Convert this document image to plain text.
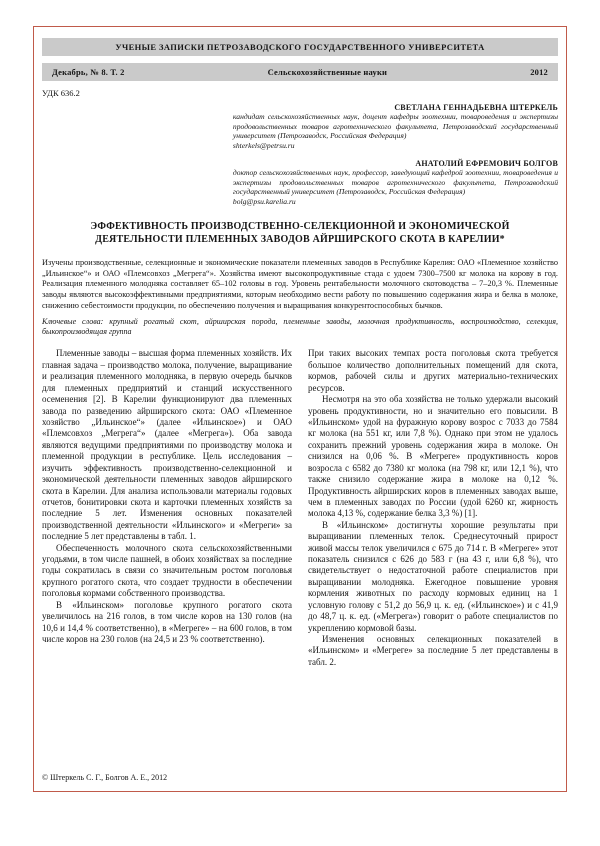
УЧЕНЫЕ ЗАПИСКИ ПЕТРОЗАВОДСКОГО ГОСУДАРСТВЕННОГО УНИВЕРСИТЕТА
Декабрь, № 8. Т. 2	Сельскохозяйственные науки	2012
УДК 636.2
СВЕТЛАНА ГЕННАДЬЕВНА ШТЕРКЕЛЬ
кандидат сельскохозяйственных наук, доцент кафедры зоотехнии, товароведения и экспертизы продовольственных товаров агротехнического факультета, Петрозаводский государственный университет (Петрозаводск, Российская Федерация)
shterkels@petrsu.ru
АНАТОЛИЙ ЕФРЕМОВИЧ БОЛГОВ
доктор сельскохозяйственных наук, профессор, заведующий кафедрой зоотехнии, товароведения и экспертизы продовольственных товаров агротехнического факультета, Петрозаводский государственный университет (Петрозаводск, Российская Федерация)
bolg@psu.karelia.ru
ЭФФЕКТИВНОСТЬ ПРОИЗВОДСТВЕННО-СЕЛЕКЦИОННОЙ И ЭКОНОМИЧЕСКОЙ ДЕЯТЕЛЬНОСТИ ПЛЕМЕННЫХ ЗАВОДОВ АЙРШИРСКОГО СКОТА В КАРЕЛИИ*

Изучены производственные, селекционные и экономические показатели племенных заводов в Республике Карелия: ОАО «Племенное хозяйство „Ильинское“» и ОАО «Племсовхоз „Мегрега“». Хозяйства имеют высокопродуктивные стада с удоем 7300–7500 кг молока на корову в год. Реализация племенного молодняка составляет 65–102 головы в год. Уровень рентабельности молочного скотоводства – 7–20,3 %. Племенные заводы являются высокоэффективными предприятиями, которым необходимо вести работу по повышению содержания жира и белка в молоке, снижению себестоимости продукции, по обеспечению получения и выращивания конкурентоспособных бычков.

Ключевые слова: крупный рогатый скот, айрширская порода, племенные заводы, молочная продуктивность, воспроизводство, селекция, быкопроизводящая группа

Племенные заводы – высшая форма племенных хозяйств. Их главная задача – производство молока, получение, выращивание и реализация племенного молодняка, в первую очередь бычков для племенных предприятий и станций искусственного осеменения [2]. В Карелии функционируют два племенных завода по разведению айрширского скота: ОАО «Племенное хозяйство „Ильинское“» (далее «Ильинское») и ОАО «Племсовхоз „Мегрега“» (далее «Мегрега»). Оба завода являются ведущими предприятиями по производству молока и племенной продукции в республике. Цель исследования – изучить эффективность производственно-селекционной и экономической деятельности племенных заводов айрширского скота в Карелии. Для анализа использовали материалы годовых отчетов, бонитировки скота и карточки племенных хозяйств за последние 5 лет. Изменения основных показателей производственной деятельности «Ильинского» и «Мегреги» за последние 5 лет представлены в табл. 1.

Обеспеченность молочного скота сельскохозяйственными угодьями, в том числе пашней, в обоих хозяйствах за последние годы сократилась в связи со значительным ростом поголовья крупного рогатого скота, что создает трудности в обеспечении поголовья кормами собственного производства.

В «Ильинском» поголовье крупного рогатого скота увеличилось на 216 голов, в том числе коров на 130 голов (на 10,6 и 14,4 % соответственно), в «Мегреге» – на 600 голов, в том числе коров на 230 голов (на 24,5 и 23 % соответственно).

При таких высоких темпах роста поголовья скота требуется большое количество дополнительных помещений для скота, кормов, рабочей силы и других материально-технических ресурсов.

Несмотря на это оба хозяйства не только удержали высокий уровень продуктивности, но и значительно его повысили. В «Ильинском» удой на фуражную корову возрос с 7033 до 7584 кг молока (на 551 кг, или 7,8 %). Однако при этом не удалось сохранить прежний уровень содержания жира в молоке. Он снизился на 0,06 %. В «Мегреге» продуктивность коров возросла с 6582 до 7380 кг молока (на 798 кг, или 12,1 %), что также снизило содержание жира в молоке на 0,12 %. Продуктивность айрширских коров в племенных заводах выше, чем в племенных заводах по России (удой 6260 кг, жирность молока 4,13 %, содержание белка 3,3 %) [1].

В «Ильинском» достигнуты хорошие результаты при выращивании племенных телок. Среднесуточный прирост живой массы телок увеличился с 675 до 714 г. В «Мегреге» этот показатель снизился с 626 до 583 г (на 43 г, или 6,8 %), что свидетельствует о недостаточной работе специалистов при выращивании молодняка. Ежегодное повышение уровня кормления животных по расходу кормовых единиц на 1 условную голову с 51,2 до 56,9 ц. к. ед. («Ильинское») и с 41,9 до 48,7 ц. к. ед. («Мегрега») говорит о работе специалистов по укреплению кормовой базы.

Изменения основных селекционных показателей в «Ильинском» и «Мегреге» за последние 5 лет представлены в табл. 2.

© Штеркель С. Г., Болгов А. Е., 2012
